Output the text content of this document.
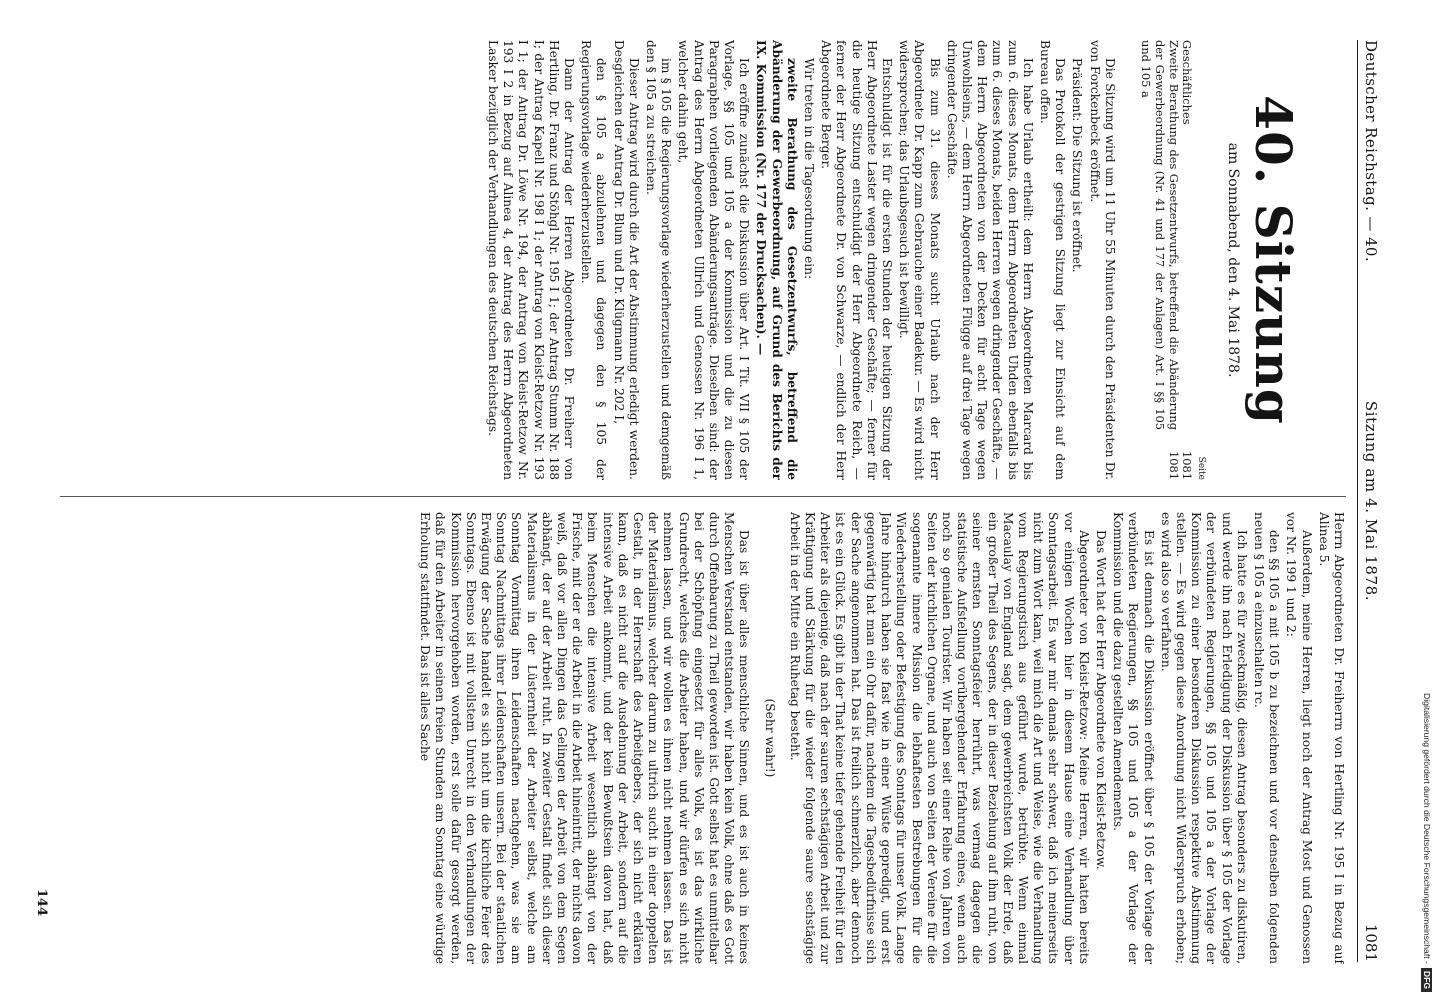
Deutscher Reichstag. — 40.
Sitzung am 4. Mai 1878.
1081
40. Sitzung
am Sonnabend, den 4. Mai 1878.
Seite
Geschäftliches
1081
Zweite Berathung des Gesetzentwurfs, betreffend die Abänderung der Gewerbeordnung (Nr. 41 und 177 der Anlagen) Art. I §§ 105 und 105 a
1081

Die Sitzung wird um 11 Uhr 55 Minuten durch den Präsidenten Dr. von Forckenbeck eröffnet.

Präsident: Die Sitzung ist eröffnet.

Das Protokoll der gestrigen Sitzung liegt zur Einsicht auf dem Bureau offen.

Ich habe Urlaub ertheilt: dem Herrn Abgeordneten Marcard bis zum 6. dieses Monats, dem Herrn Abgeordneten Uhden ebenfalls bis zum 6. dieses Monats, beiden Herren wegen dringender Geschäfte, — dem Herrn Abgeordneten von der Decken für acht Tage wegen Unwohlseins, — dem Herrn Abgeordneten Flügge auf drei Tage wegen dringender Geschäfte.

Bis zum 31. dieses Monats sucht Urlaub nach der Herr Abgeordnete Dr. Kapp zum Gebrauche einer Badekur. — Es wird nicht widersprochen; das Urlaubsgesuch ist bewilligt.

Entschuldigt ist für die ersten Stunden der heutigen Sitzung der Herr Abgeordnete Laster wegen dringender Geschäfte; — ferner für die heutige Sitzung entschuldigt der Herr Abgeordnete Reich, — ferner der Herr Abgeordnete Dr. von Schwarze, — endlich der Herr Abgeordnete Berger.

Wir treten in die Tagesordnung ein:

zweite Berathung des Gesetzentwurfs, betreffend die Abänderung der Gewerbeordnung, auf Grund des Berichts der IX. Kommission (Nr. 177 der Drucksachen). —

Ich eröffne zunächst die Diskussion über Art. I Tit. VII § 105 der Vorlage, §§ 105 und 105 a der Kommission und die zu diesen Paragraphen vorliegenden Abänderungsanträge. Dieselben sind: der Antrag des Herrn Abgeordneten Ullrich und Genossen Nr. 196 I 1, welcher dahin geht,

im § 105 die Regierungsvorlage wiederherzustellen und demgemäß den § 105 a zu streichen.

Dieser Antrag wird durch die Art der Abstimmung erledigt werden. Desgleichen der Antrag Dr. Blum und Dr. Klügmann Nr. 202 I,

den § 105 a abzulehnen und dagegen den § 105 der Regierungsvorlage wiederherzustellen.

Dann der Antrag der Herren Abgeordneten Dr. Freiherr von Hertling, Dr. Franz und Stöhgl Nr. 195 I 1; der Antrag Stumm Nr. 188 I; der Antrag Kapell Nr. 198 I 1; der Antrag von Kleist-Retzow Nr. 193 I 1; der Antrag Dr. Löwe Nr. 194, der Antrag von Kleist-Retzow Nr. 193 I 2 in Bezug auf Alinea 4, der Antrag des Herrn Abgeordneten Lasker bezüglich der Verhandlungen des deutschen Reichstags.

Herrn Abgeordneten Dr. Freiherrn von Hertling Nr. 195 I in Bezug auf Alinea 5.

Außerdem, meine Herren, liegt noch der Antrag Most und Genossen vor Nr. 199 1 und 2:

den §§ 105 a mit 105 b zu bezeichnen und vor denselben folgenden neuen § 105 a einzuschalten rc.

Ich hatte es für zweckmäßig, diesen Antrag besonders zu diskutiren, und werde ihn nach Erledigung der Diskussion über § 105 der Vorlage der verbündeten Regierungen, §§ 105 und 105 a der Vorlage der Kommission zu einer besonderen Diskussion respektive Abstimmung stellen. — Es wird gegen diese Anordnung nicht Widerspruch erhoben; es wird also so verfahren.

Es ist demnach die Diskussion eröffnet über § 105 der Vorlage der verbündeten Regierungen, §§ 105 und 105 a der Vorlage der Kommission und die dazu gestellten Amendements.

Das Wort hat der Herr Abgeordnete von Kleist-Retzow.

Abgeordneter von Kleist-Retzow: Meine Herren, wir hatten bereits vor einigen Wochen hier in diesem Hause eine Verhandlung über Sonntagsarbeit. Es war mir damals sehr schwer, daß ich meinerseits nicht zum Wort kam, weil mich die Art und Weise, wie die Verhandlung vom Regierungstisch aus geführt wurde, betrübte. Wenn einmal Macaulay von England sagt, dem gewerbreichsten Volk der Erde, daß ein großer Theil des Segens, der in dieser Beziehung auf ihm ruht, von seiner ernsten Sonntagsfeier herrührt, was vermag dagegen die statistische Aufstellung vorübergehender Erfahrung eines, wenn auch noch so genialen Tourister. Wir haben seit einer Reihe von Jahren von Seiten der kirchlichen Organe, und auch von Seiten der Vereine für die sogenannte innere Mission die lebhaftesten Bestrebungen für die Wiederherstellung oder Befestigung des Sonntags für unser Volk. Lange Jahre hindurch haben sie fast wie in einer Wüste gepredigt, und erst gegenwärtig hat man ein Ohr dafür, nachdem die Tagesbedürfnisse sich der Sache angenommen hat. Das ist freilich schmerzlich, aber dennoch ist es ein Glück. Es gibt in der That keine tiefer gehende Freiheit für den Arbeiter als diejenige, daß nach der sauren sechstägigen Arbeit und zur Kräftigung und Stärkung für die wieder folgende saure sechstägige Arbeit in der Mitte ein Ruhetag besteht.

(Sehr wahr!)

Das ist über alles menschliche Sinnen, und es ist auch in keines Menschen Verstand entstanden, wir haben kein Volk, ohne daß es Gott durch Offenbarung zu Theil geworden ist. Gott selbst hat es unmittelbar bei der Schöpfung eingesetzt für alles Volk, es ist das wirkliche Grundrecht, welches die Arbeiter haben, und wir dürfen es sich nicht nehmen lassen, und wir wollen es ihnen nicht nehmen lassen. Das ist der Materialismus, welcher darum zu ultrich sucht in einer doppelten Gestalt, in der Herrschaft des Arbeitgebers, der sich nicht erklären kann, daß es nicht auf die Ausdehnung der Arbeit, sondern auf die intensive Arbeit ankommt, und der kein Bewußtsein davon hat, daß beim Menschen die intensive Arbeit wesentlich abhängt von der Frische, mit der er die Arbeit in die Arbeit hineintritt, der nichts davon weiß, daß vor allen Dingen das Gelingen der Arbeit von dem Segen abhängt, der auf der Arbeit ruht. In zweiter Gestalt findet sich dieser Materialismus in der Lüsternheit der Arbeiter selbst, welche am Sonntag Vormittag ihren Leidenschaften nachgehen, was sie am Sonntag Nachmittags ihrer Leidenschaften unsern. Bei der staatlichen Erwägung der Sache handelt es sich nicht um die kirchliche Feier des Sonntags. Ebenso ist mit vollstem Unrecht in den Verhandlungen der Kommission hervorgehoben worden, erst solle dafür gesorgt werden, daß für den Arbeiter in seinen freien Stunden am Sonntag eine würdige Erholung stattfindet. Das ist alles Sache

144	Digitalisierung gefördert durch die Deutsche Forschungsgemeinschaft -DFG
